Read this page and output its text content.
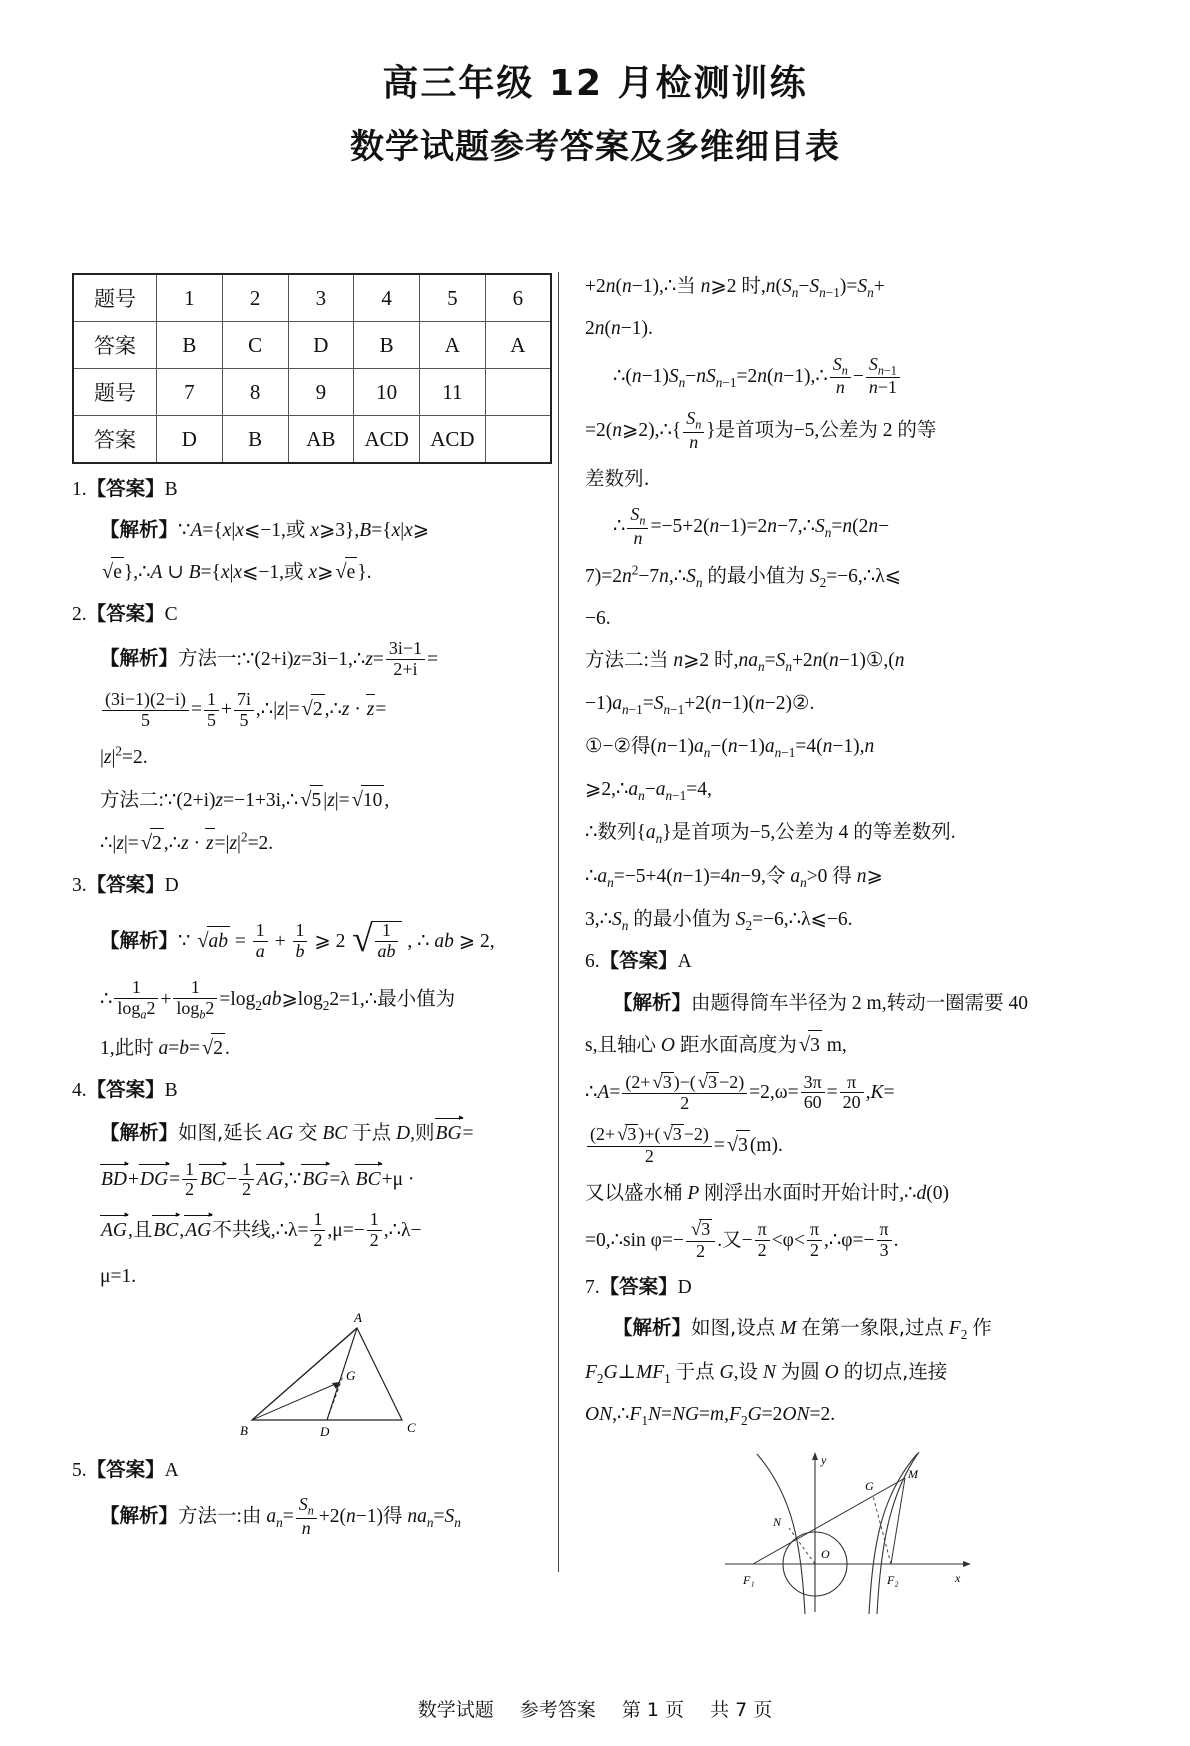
高三年级 12 月检测训练
数学试题参考答案及多维细目表
题号	1	2	3	4	5	6
答案	B	C	D	B	A	A
题号	7	8	9	10	11	
答案	D	B	AB	ACD	ACD	
1.【答案】B
【解析】∵A={x|x⩽−1,或 x⩾3},B={x|x⩾
√e },∴A ∪ B={x|x⩽−1,或 x⩾√e }.
2.【答案】C
【解析】方法一:∵(2+i)z=3i−1,∴z= $\frac{3i-1}{2+i}$ =
$\frac{(3i-1)(2-i)}{5} = \frac{1}{5} + \frac{7i}{5}$ ,∴|z|=√2 ,∴z · z=
$|z|^2=2$.
方法二:∵(2+i)z=−1+3i,∴√5 |z|=√10 ,
∴|z|=√2 ,∴z · $z=|z|^2=2$.
3.【答案】D
【解析】∵ $√ab = \frac{1}{a} + \frac{1}{b}$ ⩾ 2 √ $\frac{1}{ab}$ , ∴ ab ⩾ 2,
∴ $\frac{1}{\log_a2} + \frac{1}{\log_b2}$ $=\log_2ab⩾\log_22=1,\therefore$最小值为
1,此时 a=b=√2 .
4.【答案】B
【解析】如图,延长 AG 交 BC 于点 D,则BG
▸
=
BD
▸
+DG
▸
= $\frac{1}{2}$ BC
▸
− $\frac{1}{2}$ AG
▸
,∵BG
▸
=λ BC
▸
+μ ·
AG
▸
,且BC
▸
,AG
▸
不共线,∴λ= $\frac{1}{2} ,\mu=- \frac{1}{2}$ ,∴λ−
μ=1.
A
B	C
D
G
5.【答案】A
【解析】方法一:由 $a_n= \frac{S_n}{n} +2(n-1)$得 $na_n=S_n$
+2n(n−1),∴当 n⩾2 时$,n(S_n-S_{n-1})=S_n+$
2n(n−1).
$\therefore(n-1)S_n-nS_{n-1}=2n(n-1),\therefore \frac{S_n}{n} - \frac{S_{n-1}}{n-1}$
=2(n⩾2),∴{ $\frac{S_n}{n}$ }是首项为−5,公差为 2 的等
差数列.
∴ $\frac{S_n}{n}$ $=-5+2(n-1)=2n-7,\therefore S_n=n(2n-$
$7)=2n^2-7n,\therefore S_n$ 的最小值为 $S_2=-6,\therefore\lambda⩽$
−6.
方法二:当 n⩾2 时$,na_n=S_n+2n(n-1)①,(n$
$-1)a_{n-1}=S_{n-1}+2(n-1)(n-2)②$.
①−②得$(n-1)a_n-(n-1)a_{n-1}=4(n-1),n$
$⩾2,\therefore a_n-a_{n-1}=4$,
∴数列$\{a_n\}$是首项为−5,公差为 4 的等差数列.
$\therefore a_n=-5+4(n-1)=4n-9$,令 $a_n>0$ 得 n⩾
$3,\therefore S_n$ 的最小值为 $S_2=-6,\therefore\lambda⩽-6$.
6.【答案】A
【解析】由题得筒车半径为 2 m,转动一圈需要 40
s,且轴心 O 距水面高度为√3 m,
∴A= $\frac{(2+ √3 )-( √3 -2)}{2} =2,\omega= \frac{3\pi}{60} = \frac{\pi}{20} ,K=$
$\frac{(2+ √3 )+( √3 -2)}{2} =√3$ (m).
又以盛水桶 P 刚浮出水面时开始计时,∴d(0)
=0,∴sin $\varphi=- \frac{√3}{2}$ .又− $\frac{\pi}{2} <\varphi< \frac{\pi}{2}$ ,∴φ=− $\frac{\pi}{3}$ .
7.【答案】D
【解析】如图,设点 M 在第一象限,过点 $F_2$ 作
$F_2G\perp MF_1$ 于点 G,设 N 为圆 O 的切点,连接
$ON,\therefore F_1N=NG=m,F_2G=2ON=2$.
y
x
G
M
N
O
F₁	F₂
数学试题 参考答案 第 1 页 共 7 页
